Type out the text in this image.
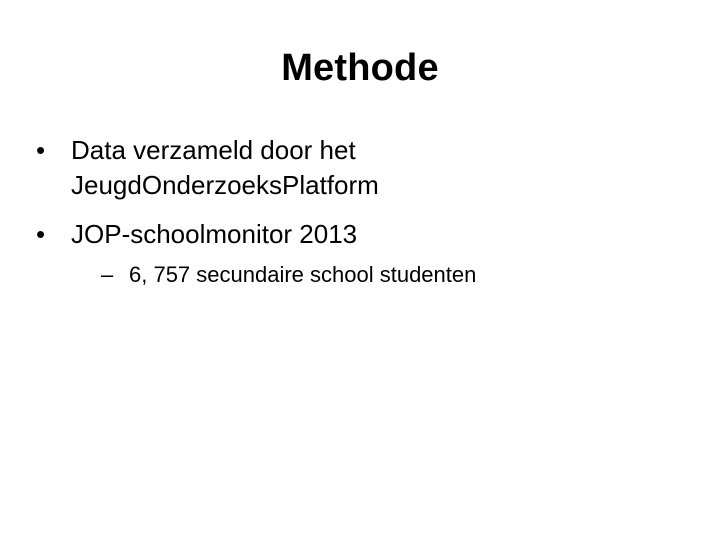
Methode
• Data verzameld door het
JeugdOnderzoeksPlatform
• JOP-schoolmonitor 2013
– 6, 757 secundaire school studenten
